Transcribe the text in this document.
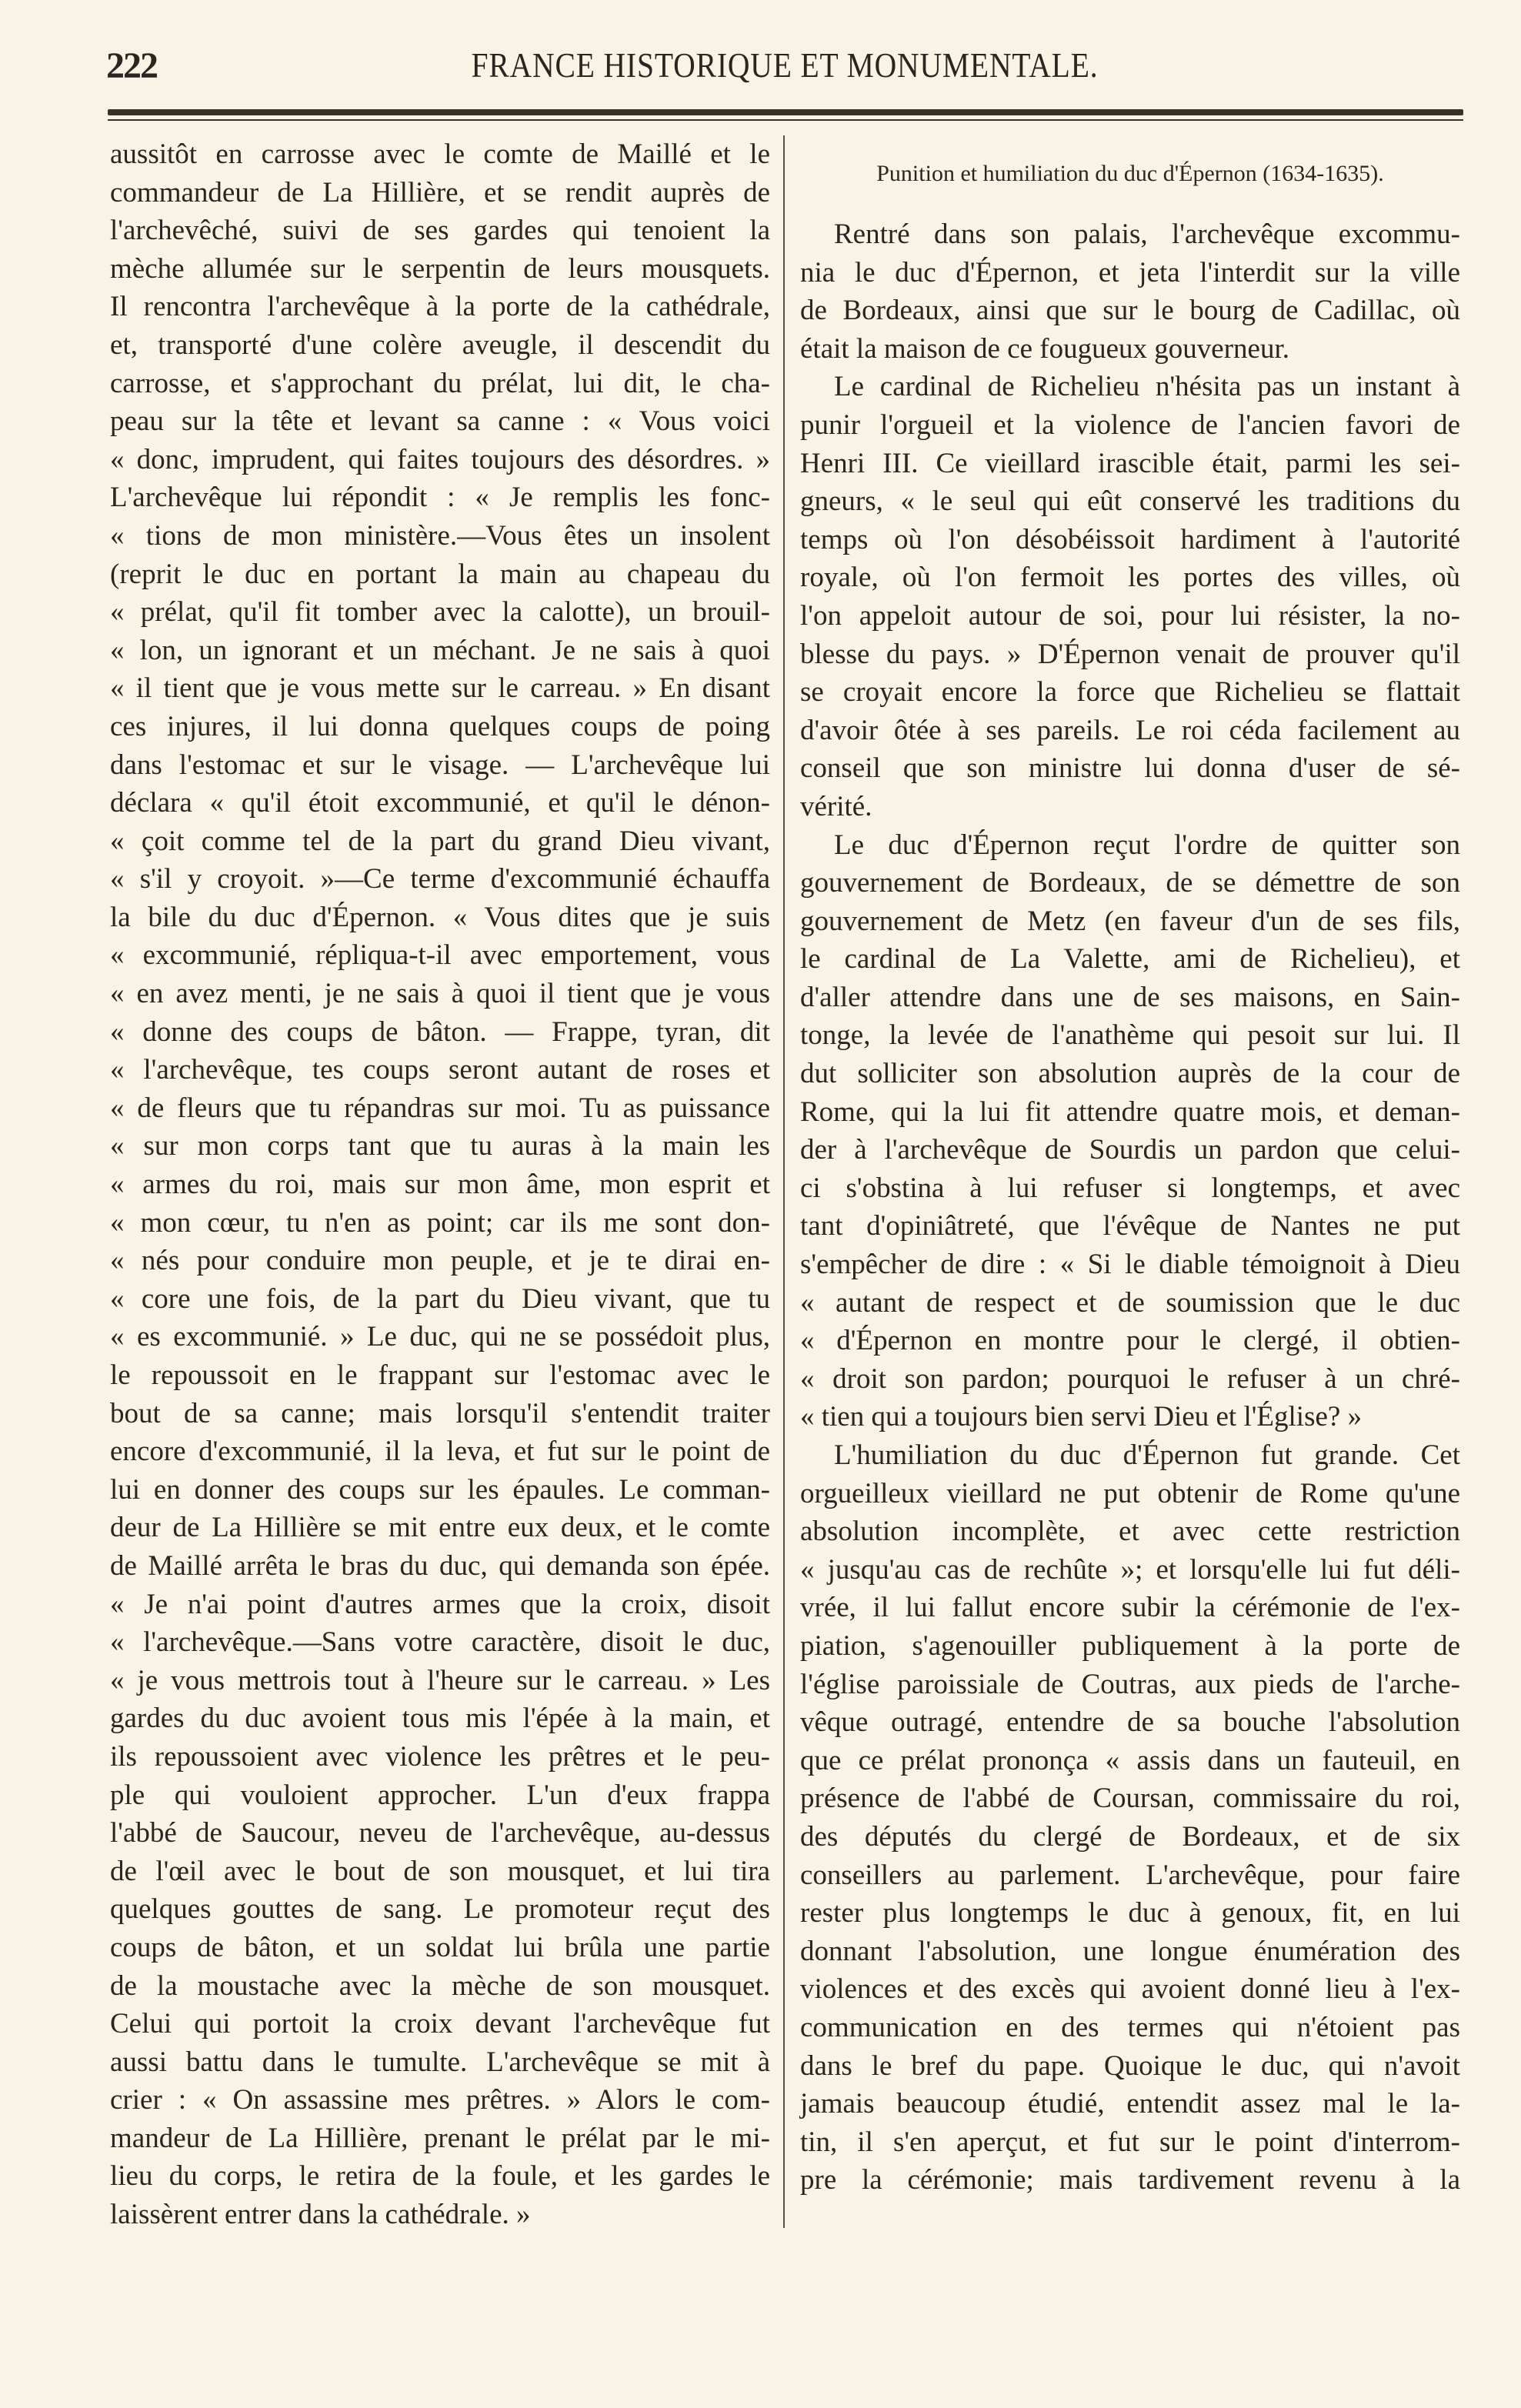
222	FRANCE HISTORIQUE ET MONUMENTALE.
aussitôt en carrosse avec le comte de Maillé et le
commandeur de La Hillière, et se rendit auprès de
l'archevêché, suivi de ses gardes qui tenoient la
mèche allumée sur le serpentin de leurs mousquets.
Il rencontra l'archevêque à la porte de la cathédrale,
et, transporté d'une colère aveugle, il descendit du
carrosse, et s'approchant du prélat, lui dit, le cha-
peau sur la tête et levant sa canne : « Vous voici
« donc, imprudent, qui faites toujours des désordres. »
L'archevêque lui répondit : « Je remplis les fonc-
« tions de mon ministère.—Vous êtes un insolent
(reprit le duc en portant la main au chapeau du
« prélat, qu'il fit tomber avec la calotte), un brouil-
« lon, un ignorant et un méchant. Je ne sais à quoi
« il tient que je vous mette sur le carreau. » En disant
ces injures, il lui donna quelques coups de poing
dans l'estomac et sur le visage. — L'archevêque lui
déclara « qu'il étoit excommunié, et qu'il le dénon-
« çoit comme tel de la part du grand Dieu vivant,
« s'il y croyoit. »—Ce terme d'excommunié échauffa
la bile du duc d'Épernon. « Vous dites que je suis
« excommunié, répliqua-t-il avec emportement, vous
« en avez menti, je ne sais à quoi il tient que je vous
« donne des coups de bâton. — Frappe, tyran, dit
« l'archevêque, tes coups seront autant de roses et
« de fleurs que tu répandras sur moi. Tu as puissance
« sur mon corps tant que tu auras à la main les
« armes du roi, mais sur mon âme, mon esprit et
« mon cœur, tu n'en as point; car ils me sont don-
« nés pour conduire mon peuple, et je te dirai en-
« core une fois, de la part du Dieu vivant, que tu
« es excommunié. » Le duc, qui ne se possédoit plus,
le repoussoit en le frappant sur l'estomac avec le
bout de sa canne; mais lorsqu'il s'entendit traiter
encore d'excommunié, il la leva, et fut sur le point de
lui en donner des coups sur les épaules. Le comman-
deur de La Hillière se mit entre eux deux, et le comte
de Maillé arrêta le bras du duc, qui demanda son épée.
« Je n'ai point d'autres armes que la croix, disoit
« l'archevêque.—Sans votre caractère, disoit le duc,
« je vous mettrois tout à l'heure sur le carreau. » Les
gardes du duc avoient tous mis l'épée à la main, et
ils repoussoient avec violence les prêtres et le peu-
ple qui vouloient approcher. L'un d'eux frappa
l'abbé de Saucour, neveu de l'archevêque, au-dessus
de l'œil avec le bout de son mousquet, et lui tira
quelques gouttes de sang. Le promoteur reçut des
coups de bâton, et un soldat lui brûla une partie
de la moustache avec la mèche de son mousquet.
Celui qui portoit la croix devant l'archevêque fut
aussi battu dans le tumulte. L'archevêque se mit à
crier : « On assassine mes prêtres. » Alors le com-
mandeur de La Hillière, prenant le prélat par le mi-
lieu du corps, le retira de la foule, et les gardes le
laissèrent entrer dans la cathédrale. »
Punition et humiliation du duc d'Épernon (1634-1635).
Rentré dans son palais, l'archevêque excommu-
nia le duc d'Épernon, et jeta l'interdit sur la ville
de Bordeaux, ainsi que sur le bourg de Cadillac, où
était la maison de ce fougueux gouverneur.
Le cardinal de Richelieu n'hésita pas un instant à
punir l'orgueil et la violence de l'ancien favori de
Henri III. Ce vieillard irascible était, parmi les sei-
gneurs, « le seul qui eût conservé les traditions du
temps où l'on désobéissoit hardiment à l'autorité
royale, où l'on fermoit les portes des villes, où
l'on appeloit autour de soi, pour lui résister, la no-
blesse du pays. » D'Épernon venait de prouver qu'il
se croyait encore la force que Richelieu se flattait
d'avoir ôtée à ses pareils. Le roi céda facilement au
conseil que son ministre lui donna d'user de sé-
vérité.
Le duc d'Épernon reçut l'ordre de quitter son
gouvernement de Bordeaux, de se démettre de son
gouvernement de Metz (en faveur d'un de ses fils,
le cardinal de La Valette, ami de Richelieu), et
d'aller attendre dans une de ses maisons, en Sain-
tonge, la levée de l'anathème qui pesoit sur lui. Il
dut solliciter son absolution auprès de la cour de
Rome, qui la lui fit attendre quatre mois, et deman-
der à l'archevêque de Sourdis un pardon que celui-
ci s'obstina à lui refuser si longtemps, et avec
tant d'opiniâtreté, que l'évêque de Nantes ne put
s'empêcher de dire : « Si le diable témoignoit à Dieu
« autant de respect et de soumission que le duc
« d'Épernon en montre pour le clergé, il obtien-
« droit son pardon; pourquoi le refuser à un chré-
« tien qui a toujours bien servi Dieu et l'Église? »
L'humiliation du duc d'Épernon fut grande. Cet
orgueilleux vieillard ne put obtenir de Rome qu'une
absolution incomplète, et avec cette restriction
« jusqu'au cas de rechûte »; et lorsqu'elle lui fut déli-
vrée, il lui fallut encore subir la cérémonie de l'ex-
piation, s'agenouiller publiquement à la porte de
l'église paroissiale de Coutras, aux pieds de l'arche-
vêque outragé, entendre de sa bouche l'absolution
que ce prélat prononça « assis dans un fauteuil, en
présence de l'abbé de Coursan, commissaire du roi,
des députés du clergé de Bordeaux, et de six
conseillers au parlement. L'archevêque, pour faire
rester plus longtemps le duc à genoux, fit, en lui
donnant l'absolution, une longue énumération des
violences et des excès qui avoient donné lieu à l'ex-
communication en des termes qui n'étoient pas
dans le bref du pape. Quoique le duc, qui n'avoit
jamais beaucoup étudié, entendit assez mal le la-
tin, il s'en aperçut, et fut sur le point d'interrom-
pre la cérémonie; mais tardivement revenu à la
